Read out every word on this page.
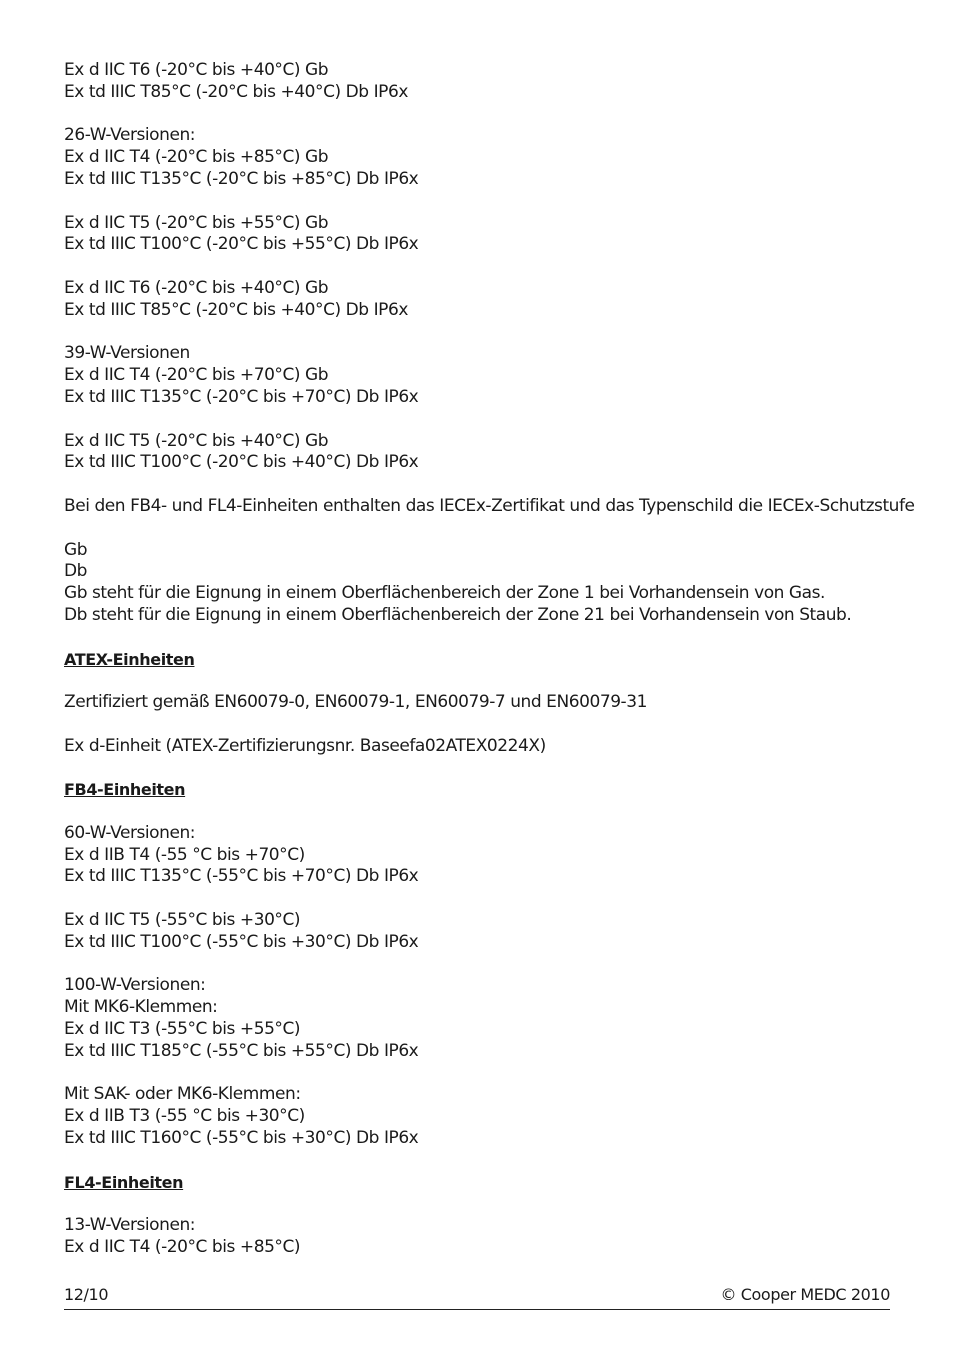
Ex d IIC T6 (-20°C bis +40°C) Gb
Ex td IIIC T85°C (-20°C bis +40°C) Db IP6x
26-W-Versionen:
Ex d IIC T4 (-20°C bis +85°C) Gb
Ex td IIIC T135°C (-20°C bis +85°C) Db IP6x
Ex d IIC T5 (-20°C bis +55°C) Gb
Ex td IIIC T100°C (-20°C bis +55°C) Db IP6x
Ex d IIC T6 (-20°C bis +40°C) Gb
Ex td IIIC T85°C (-20°C bis +40°C) Db IP6x
39-W-Versionen
Ex d IIC T4 (-20°C bis +70°C) Gb
Ex td IIIC T135°C (-20°C bis +70°C) Db IP6x
Ex d IIC T5 (-20°C bis +40°C) Gb
Ex td IIIC T100°C (-20°C bis +40°C) Db IP6x
Bei den FB4- und FL4-Einheiten enthalten das IECEx-Zertifikat und das Typenschild die IECEx-Schutzstufe
Gb
Db
Gb steht für die Eignung in einem Oberflächenbereich der Zone 1 bei Vorhandensein von Gas.
Db steht für die Eignung in einem Oberflächenbereich der Zone 21 bei Vorhandensein von Staub.
ATEX-Einheiten
Zertifiziert gemäß EN60079-0, EN60079-1, EN60079-7 und EN60079-31
Ex d-Einheit (ATEX-Zertifizierungsnr. Baseefa02ATEX0224X)
FB4-Einheiten
60-W-Versionen:
Ex d IIB T4 (-55 °C bis +70°C)
Ex td IIIC T135°C (-55°C bis +70°C) Db IP6x
Ex d IIC T5 (-55°C bis +30°C)
Ex td IIIC T100°C (-55°C bis +30°C) Db IP6x
100-W-Versionen:
Mit MK6-Klemmen:
Ex d IIC T3 (-55°C bis +55°C)
Ex td IIIC T185°C (-55°C bis +55°C) Db IP6x
Mit SAK- oder MK6-Klemmen:
Ex d IIB T3 (-55 °C bis +30°C)
Ex td IIIC T160°C (-55°C bis +30°C) Db IP6x
FL4-Einheiten
13-W-Versionen:
Ex d IIC T4 (-20°C bis +85°C)
12/10	© Cooper MEDC 2010
